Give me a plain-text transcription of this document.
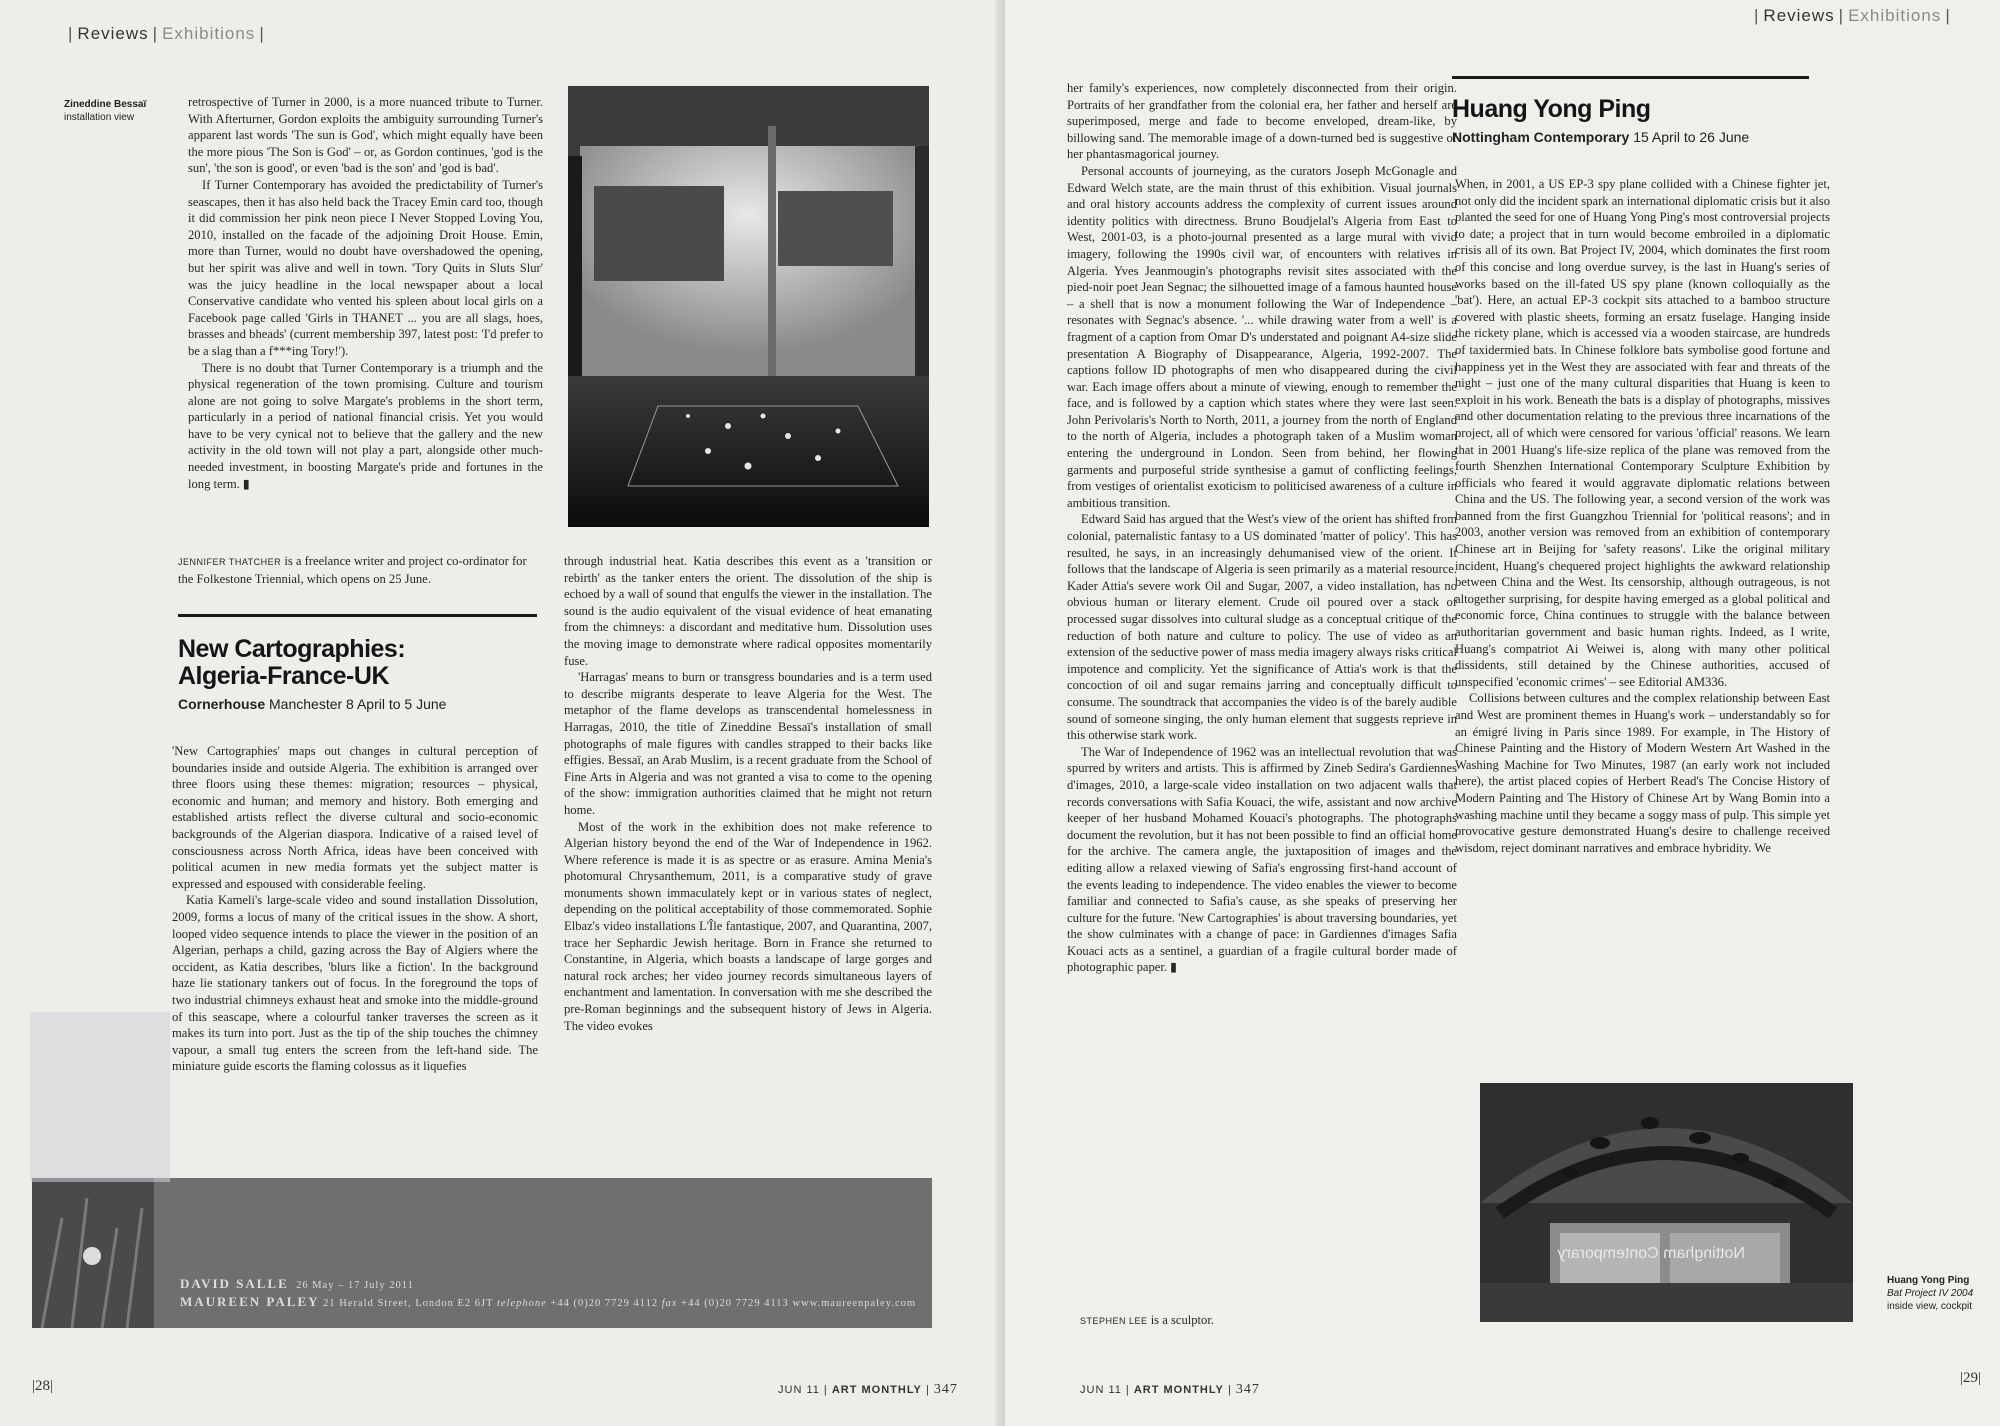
| Reviews | Exhibitions |
Zineddine Bessaï
installation view

retrospective of Turner in 2000, is a more nuanced tribute to Turner. With Afterturner, Gordon exploits the ambiguity surrounding Turner's apparent last words 'The sun is God', which might equally have been the more pious 'The Son is God' – or, as Gordon continues, 'god is the sun', 'the son is good', or even 'bad is the son' and 'god is bad'.

If Turner Contemporary has avoided the predictability of Turner's seascapes, then it has also held back the Tracey Emin card too, though it did commission her pink neon piece I Never Stopped Loving You, 2010, installed on the facade of the adjoining Droit House. Emin, more than Turner, would no doubt have overshadowed the opening, but her spirit was alive and well in town. 'Tory Quits in Sluts Slur' was the juicy headline in the local newspaper about a local Conservative candidate who vented his spleen about local girls on a Facebook page called 'Girls in THANET ... you are all slags, hoes, brasses and bheads' (current membership 397, latest post: 'I'd prefer to be a slag than a f***ing Tory!').

There is no doubt that Turner Contemporary is a triumph and the physical regeneration of the town promising. Culture and tourism alone are not going to solve Margate's problems in the short term, particularly in a period of national financial crisis. Yet you would have to be very cynical not to believe that the gallery and the new activity in the old town will not play a part, alongside other much-needed investment, in boosting Margate's pride and fortunes in the long term. ▮

JENNIFER THATCHER is a freelance writer and project co-ordinator for the Folkestone Triennial, which opens on 25 June.
New Cartographies:
Algeria-France-UK
Cornerhouse Manchester 8 April to 5 June

'New Cartographies' maps out changes in cultural perception of boundaries inside and outside Algeria. The exhibition is arranged over three floors using these themes: migration; resources – physical, economic and human; and memory and history. Both emerging and established artists reflect the diverse cultural and socio-economic backgrounds of the Algerian diaspora. Indicative of a raised level of consciousness across North Africa, ideas have been conceived with political acumen in new media formats yet the subject matter is expressed and espoused with considerable feeling.

Katia Kameli's large-scale video and sound installation Dissolution, 2009, forms a locus of many of the critical issues in the show. A short, looped video sequence intends to place the viewer in the position of an Algerian, perhaps a child, gazing across the Bay of Algiers where the occident, as Katia describes, 'blurs like a fiction'. In the background haze lie stationary tankers out of focus. In the foreground the tops of two industrial chimneys exhaust heat and smoke into the middle-ground of this seascape, where a colourful tanker traverses the screen as it makes its turn into port. Just as the tip of the ship touches the chimney vapour, a small tug enters the screen from the left-hand side. The miniature guide escorts the flaming colossus as it liquefies

through industrial heat. Katia describes this event as a 'transition or rebirth' as the tanker enters the orient. The dissolution of the ship is echoed by a wall of sound that engulfs the viewer in the installation. The sound is the audio equivalent of the visual evidence of heat emanating from the chimneys: a discordant and meditative hum. Dissolution uses the moving image to demonstrate where radical opposites momentarily fuse.

'Harragas' means to burn or transgress boundaries and is a term used to describe migrants desperate to leave Algeria for the West. The metaphor of the flame develops as transcendental homelessness in Harragas, 2010, the title of Zineddine Bessaï's installation of small photographs of male figures with candles strapped to their backs like effigies. Bessaï, an Arab Muslim, is a recent graduate from the School of Fine Arts in Algeria and was not granted a visa to come to the opening of the show: immigration authorities claimed that he might not return home.

Most of the work in the exhibition does not make reference to Algerian history beyond the end of the War of Independence in 1962. Where reference is made it is as spectre or as erasure. Amina Menia's photomural Chrysanthemum, 2011, is a comparative study of grave monuments shown immaculately kept or in various states of neglect, depending on the political acceptability of those commemorated. Sophie Elbaz's video installations L'Île fantastique, 2007, and Quarantina, 2007, trace her Sephardic Jewish heritage. Born in France she returned to Constantine, in Algeria, which boasts a landscape of large gorges and natural rock arches; her video journey records simultaneous layers of enchantment and lamentation. In conversation with me she described the pre-Roman beginnings and the subsequent history of Jews in Algeria. The video evokes

DAVID SALLE 26 May – 17 July 2011
MAUREEN PALEY 21 Herald Street, London E2 6JT telephone +44 (0)20 7729 4112 fax +44 (0)20 7729 4113 www.maureenpaley.com
|28|	JUN 11 | ART MONTHLY | 347
| Reviews | Exhibitions |

her family's experiences, now completely disconnected from their origin. Portraits of her grandfather from the colonial era, her father and herself are superimposed, merge and fade to become enveloped, dream-like, by billowing sand. The memorable image of a down-turned bed is suggestive of her phantasmagorical journey.

Personal accounts of journeying, as the curators Joseph McGonagle and Edward Welch state, are the main thrust of this exhibition. Visual journals and oral history accounts address the complexity of current issues around identity politics with directness. Bruno Boudjelal's Algeria from East to West, 2001-03, is a photo-journal presented as a large mural with vivid imagery, following the 1990s civil war, of encounters with relatives in Algeria. Yves Jeanmougin's photographs revisit sites associated with the pied-noir poet Jean Segnac; the silhouetted image of a famous haunted house – a shell that is now a monument following the War of Independence – resonates with Segnac's absence. '... while drawing water from a well' is a fragment of a caption from Omar D's understated and poignant A4-size slide presentation A Biography of Disappearance, Algeria, 1992-2007. The captions follow ID photographs of men who disappeared during the civil war. Each image offers about a minute of viewing, enough to remember the face, and is followed by a caption which states where they were last seen. John Perivolaris's North to North, 2011, a journey from the north of England to the north of Algeria, includes a photograph taken of a Muslim woman entering the underground in London. Seen from behind, her flowing garments and purposeful stride synthesise a gamut of conflicting feelings, from vestiges of orientalist exoticism to politicised awareness of a culture in ambitious transition.

Edward Said has argued that the West's view of the orient has shifted from colonial, paternalistic fantasy to a US dominated 'matter of policy'. This has resulted, he says, in an increasingly dehumanised view of the orient. It follows that the landscape of Algeria is seen primarily as a material resource. Kader Attia's severe work Oil and Sugar, 2007, a video installation, has no obvious human or literary element. Crude oil poured over a stack of processed sugar dissolves into cultural sludge as a conceptual critique of the reduction of both nature and culture to policy. The use of video as an extension of the seductive power of mass media imagery always risks critical impotence and complicity. Yet the significance of Attia's work is that the concoction of oil and sugar remains jarring and conceptually difficult to consume. The soundtrack that accompanies the video is of the barely audible sound of someone singing, the only human element that suggests reprieve in this otherwise stark work.

The War of Independence of 1962 was an intellectual revolution that was spurred by writers and artists. This is affirmed by Zineb Sedira's Gardiennes d'images, 2010, a large-scale video installation on two adjacent walls that records conversations with Safia Kouaci, the wife, assistant and now archive keeper of her husband Mohamed Kouaci's photographs. The photographs document the revolution, but it has not been possible to find an official home for the archive. The camera angle, the juxtaposition of images and the editing allow a relaxed viewing of Safia's engrossing first-hand account of the events leading to independence. The video enables the viewer to become familiar and connected to Safia's cause, as she speaks of preserving her culture for the future. 'New Cartographies' is about traversing boundaries, yet the show culminates with a change of pace: in Gardiennes d'images Safia Kouaci acts as a sentinel, a guardian of a fragile cultural border made of photographic paper. ▮

STEPHEN LEE is a sculptor.
Huang Yong Ping
Nottingham Contemporary 15 April to 26 June

When, in 2001, a US EP-3 spy plane collided with a Chinese fighter jet, not only did the incident spark an international diplomatic crisis but it also planted the seed for one of Huang Yong Ping's most controversial projects to date; a project that in turn would become embroiled in a diplomatic crisis all of its own. Bat Project IV, 2004, which dominates the first room of this concise and long overdue survey, is the last in Huang's series of works based on the ill-fated US spy plane (known colloquially as the 'bat'). Here, an actual EP-3 cockpit sits attached to a bamboo structure covered with plastic sheets, forming an ersatz fuselage. Hanging inside the rickety plane, which is accessed via a wooden staircase, are hundreds of taxidermied bats. In Chinese folklore bats symbolise good fortune and happiness yet in the West they are associated with fear and threats of the night – just one of the many cultural disparities that Huang is keen to exploit in his work. Beneath the bats is a display of photographs, missives and other documentation relating to the previous three incarnations of the project, all of which were censored for various 'official' reasons. We learn that in 2001 Huang's life-size replica of the plane was removed from the fourth Shenzhen International Contemporary Sculpture Exhibition by officials who feared it would aggravate diplomatic relations between China and the US. The following year, a second version of the work was banned from the first Guangzhou Triennial for 'political reasons'; and in 2003, another version was removed from an exhibition of contemporary Chinese art in Beijing for 'safety reasons'. Like the original military incident, Huang's chequered project highlights the awkward relationship between China and the West. Its censorship, although outrageous, is not altogether surprising, for despite having emerged as a global political and economic force, China continues to struggle with the balance between authoritarian government and basic human rights. Indeed, as I write, Huang's compatriot Ai Weiwei is, along with many other political dissidents, still detained by the Chinese authorities, accused of unspecified 'economic crimes' – see Editorial AM336.

Collisions between cultures and the complex relationship between East and West are prominent themes in Huang's work – understandably so for an émigré living in Paris since 1989. For example, in The History of Chinese Painting and the History of Modern Western Art Washed in the Washing Machine for Two Minutes, 1987 (an early work not included here), the artist placed copies of Herbert Read's The Concise History of Modern Painting and The History of Chinese Art by Wang Bomin into a washing machine until they became a soggy mass of pulp. This simple yet provocative gesture demonstrated Huang's desire to challenge received wisdom, reject dominant narratives and embrace hybridity. We

Nottingham Contemporary
Huang Yong Ping
Bat Project IV 2004
inside view, cockpit
JUN 11 | ART MONTHLY | 347
|29|
